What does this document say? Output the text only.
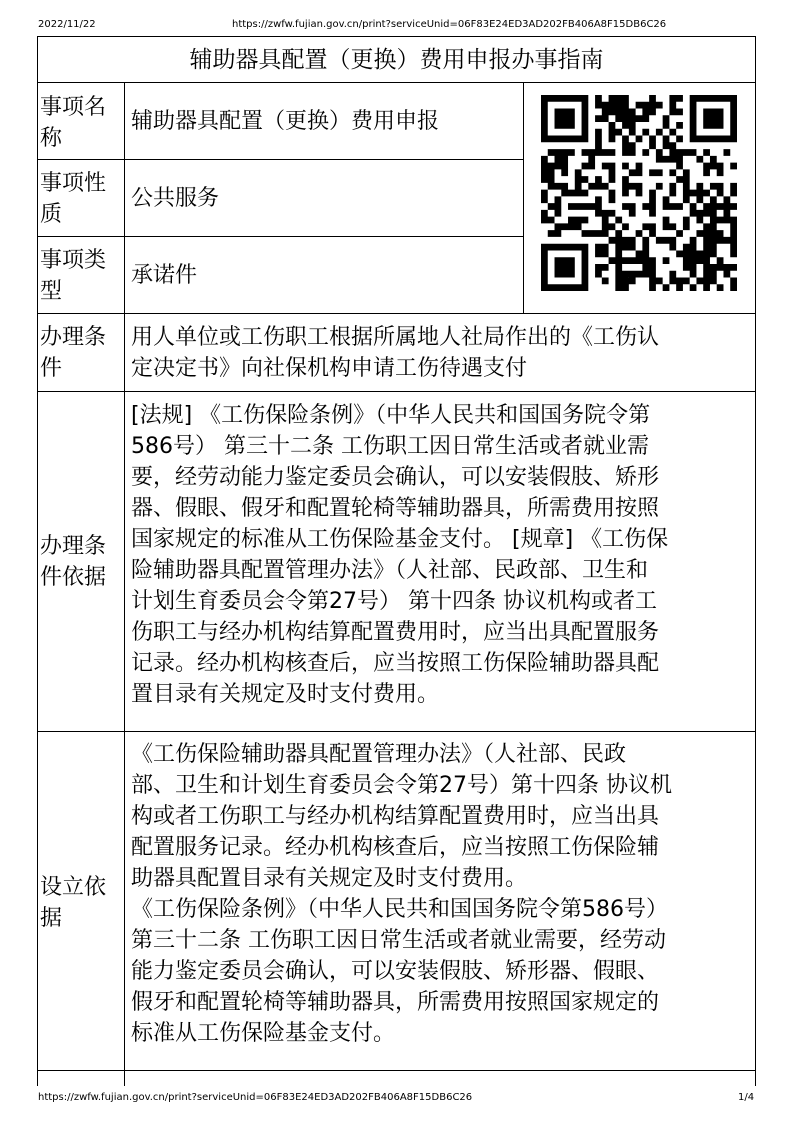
2022/11/22	https://zwfw.fujian.gov.cn/print?serviceUnid=06F83E24ED3AD202FB406A8F15DB6C26
辅助器具配置（更换）费用申报办事指南
事项名称
辅助器具配置（更换）费用申报
事项性质
公共服务
事项类型
承诺件
办理条件
用人单位或工伤职工根据所属地人社局作出的《工伤认
定决定书》向社保机构申请工伤待遇支付
办理条件依据
[法规] 《工伤保险条例》（中华人民共和国国务院令第
586号） 第三十二条 工伤职工因日常生活或者就业需
要，经劳动能力鉴定委员会确认，可以安装假肢、矫形
器、假眼、假牙和配置轮椅等辅助器具，所需费用按照
国家规定的标准从工伤保险基金支付。 [规章] 《工伤保
险辅助器具配置管理办法》（人社部、民政部、卫生和
计划生育委员会令第27号） 第十四条 协议机构或者工
伤职工与经办机构结算配置费用时，应当出具配置服务
记录。经办机构核查后，应当按照工伤保险辅助器具配
置目录有关规定及时支付费用。
设立依据
《工伤保险辅助器具配置管理办法》（人社部、民政
部、卫生和计划生育委员会令第27号）第十四条 协议机
构或者工伤职工与经办机构结算配置费用时，应当出具
配置服务记录。经办机构核查后，应当按照工伤保险辅
助器具配置目录有关规定及时支付费用。
《工伤保险条例》（中华人民共和国国务院令第586号）
第三十二条 工伤职工因日常生活或者就业需要，经劳动
能力鉴定委员会确认，可以安装假肢、矫形器、假眼、
假牙和配置轮椅等辅助器具，所需费用按照国家规定的
标准从工伤保险基金支付。
https://zwfw.fujian.gov.cn/print?serviceUnid=06F83E24ED3AD202FB406A8F15DB6C26	1/4
